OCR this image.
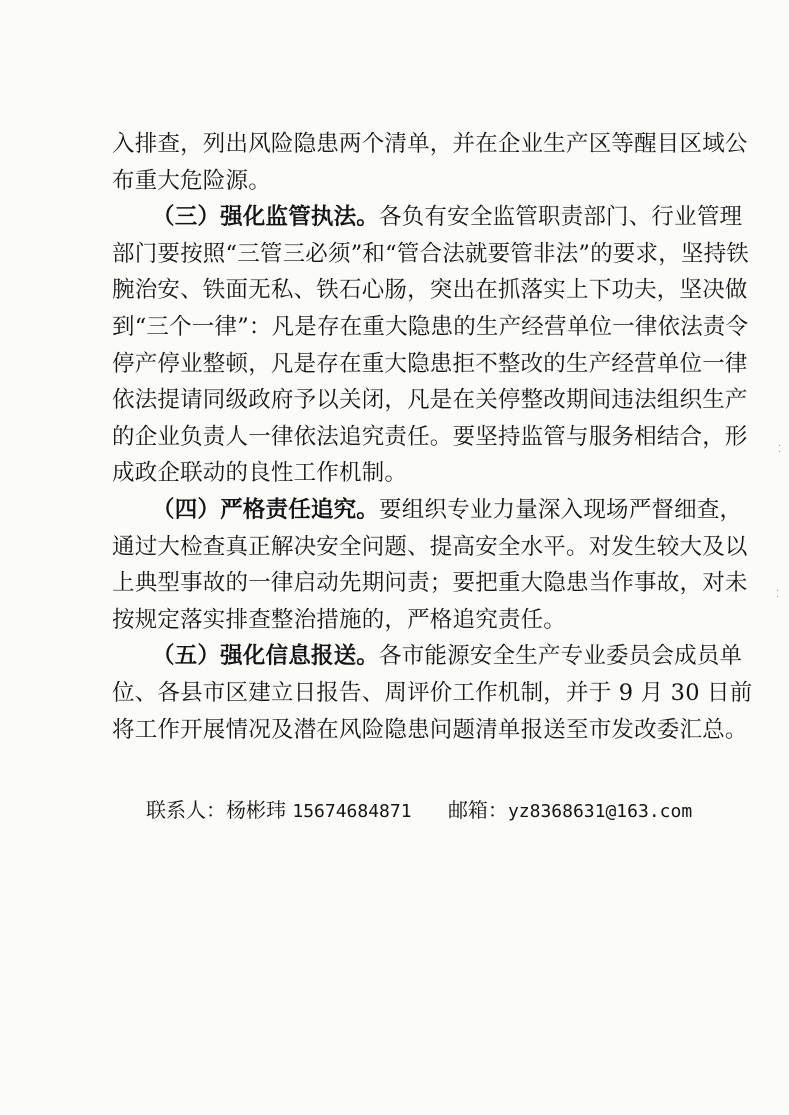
入排查，列出风险隐患两个清单，并在企业生产区等醒目区域公
布重大危险源。
（三）强化监管执法。各负有安全监管职责部门、行业管理
部门要按照“三管三必须”和“管合法就要管非法”的要求，坚持铁
腕治安、铁面无私、铁石心肠，突出在抓落实上下功夫，坚决做
到“三个一律”：凡是存在重大隐患的生产经营单位一律依法责令
停产停业整顿，凡是存在重大隐患拒不整改的生产经营单位一律
依法提请同级政府予以关闭，凡是在关停整改期间违法组织生产
的企业负责人一律依法追究责任。要坚持监管与服务相结合，形
成政企联动的良性工作机制。
（四）严格责任追究。要组织专业力量深入现场严督细查，
通过大检查真正解决安全问题、提高安全水平。对发生较大及以
上典型事故的一律启动先期问责；要把重大隐患当作事故，对未
按规定落实排查整治措施的，严格追究责任。
（五）强化信息报送。各市能源安全生产专业委员会成员单
位、各县市区建立日报告、周评价工作机制，并于 9 月 30 日前
将工作开展情况及潜在风险隐患问题清单报送至市发改委汇总。
联系人：杨彬玮 15674684871 邮箱：yz8368631@163.com
⁚
⁚
